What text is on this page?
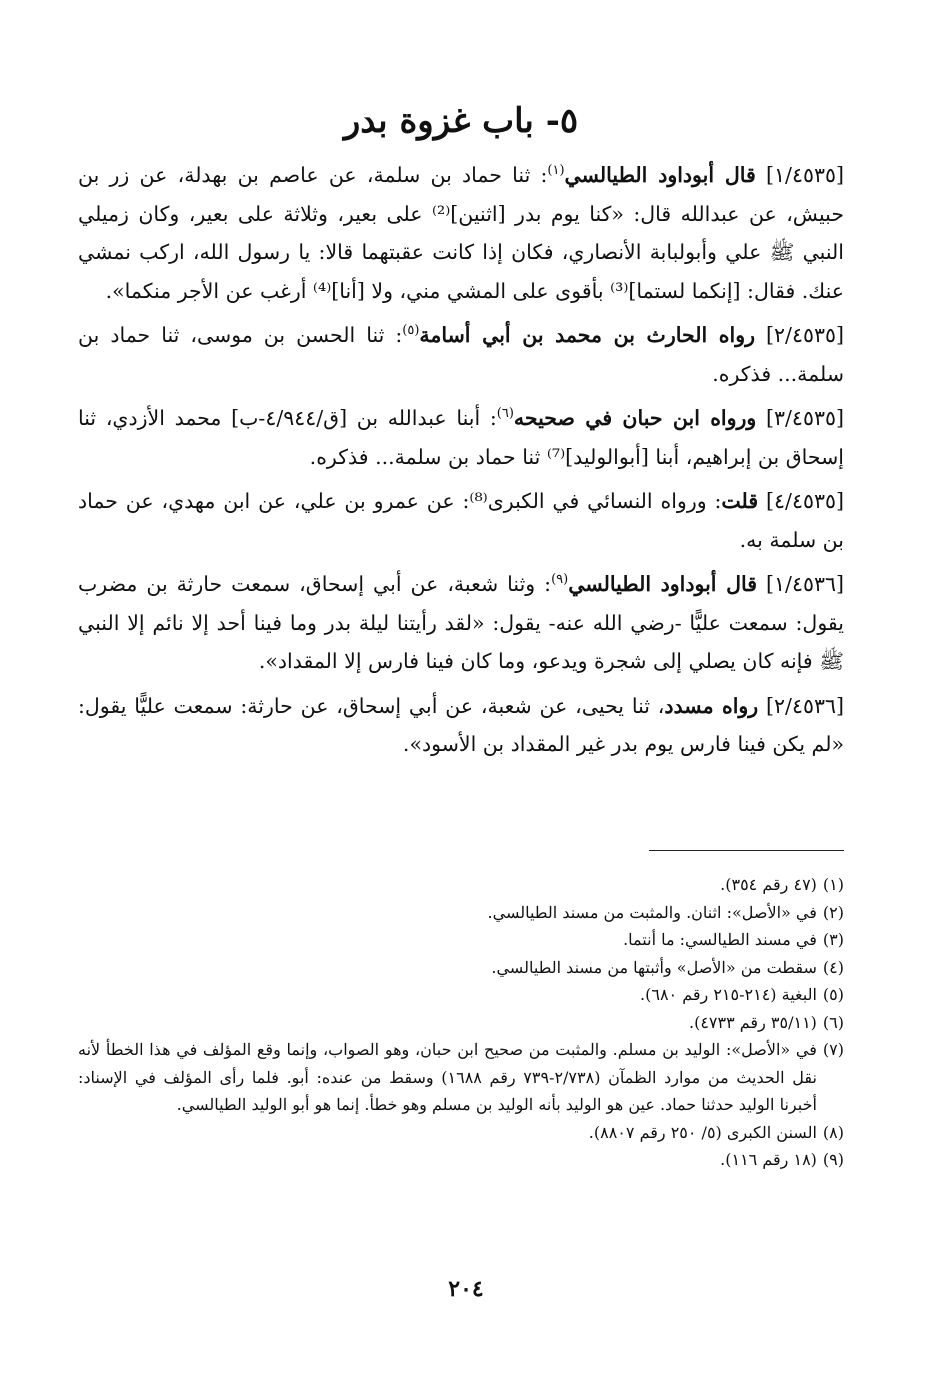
٥- باب غزوة بدر

[١/٤٥٣٥] قال أبوداود الطيالسي$^{(١)}$: ثنا حماد بن سلمة، عن عاصم بن بهدلة، عن زر بن حبيش، عن عبدالله قال: «كنا يوم بدر [اثنين]⁽²⁾ على بعير، وثلاثة على بعير، وكان زميلي النبي ﷺ علي وأبولبابة الأنصاري، فكان إذا كانت عقبتهما قالا: يا رسول الله، اركب نمشي عنك. فقال: [إنكما لستما]⁽³⁾ بأقوى على المشي مني، ولا [أنا]⁽⁴⁾ أرغب عن الأجر منكما».

[٢/٤٥٣٥] رواه الحارث بن محمد بن أبي أسامة$^{(٥)}$: ثنا الحسن بن موسى، ثنا حماد بن سلمة... فذكره.

[٣/٤٥٣٥] ورواه ابن حبان في صحيحه$^{(٦)}$: أبنا عبدالله بن [ق/٤/٩٤٤-ب] محمد الأزدي، ثنا إسحاق بن إبراهيم، أبنا [أبوالوليد]⁽⁷⁾ ثنا حماد بن سلمة... فذكره.

[٤/٤٥٣٥] قلت: ورواه النسائي في الكبرى⁽⁸⁾: عن عمرو بن علي، عن ابن مهدي، عن حماد بن سلمة به.

[١/٤٥٣٦] قال أبوداود الطيالسي$^{(٩)}$: وثنا شعبة، عن أبي إسحاق، سمعت حارثة بن مضرب يقول: سمعت عليًّا -رضي الله عنه- يقول: «لقد رأيتنا ليلة بدر وما فينا أحد إلا نائم إلا النبي ﷺ فإنه كان يصلي إلى شجرة ويدعو، وما كان فينا فارس إلا المقداد».

[٢/٤٥٣٦] رواه مسدد، ثنا يحيى، عن شعبة، عن أبي إسحاق، عن حارثة: سمعت عليًّا يقول: «لم يكن فينا فارس يوم بدر غير المقداد بن الأسود».

(١)
(٤٧ رقم ٣٥٤).
(٢)
في «الأصل»: اثنان. والمثبت من مسند الطيالسي.
(٣)
في مسند الطيالسي: ما أنتما.
(٤)
سقطت من «الأصل» وأثبتها من مسند الطيالسي.
(٥)
البغية (٢١٤-٢١٥ رقم ٦٨٠).
(٦)
(٣٥/١١ رقم ٤٧٣٣).
(٧)
في «الأصل»: الوليد بن مسلم. والمثبت من صحيح ابن حبان، وهو الصواب، وإنما وقع المؤلف في هذا الخطأ لأنه نقل الحديث من موارد الظمآن (٢/٧٣٨-٧٣٩ رقم ١٦٨٨) وسقط من عنده: أبو. فلما رأى المؤلف في الإسناد: أخبرنا الوليد حدثنا حماد. عين هو الوليد بأنه الوليد بن مسلم وهو خطأ. إنما هو أبو الوليد الطيالسي.
(٨)
السنن الكبرى (٥/ ٢٥٠ رقم ٨٨٠٧).
(٩)
(١٨ رقم ١١٦).
٢٠٤
